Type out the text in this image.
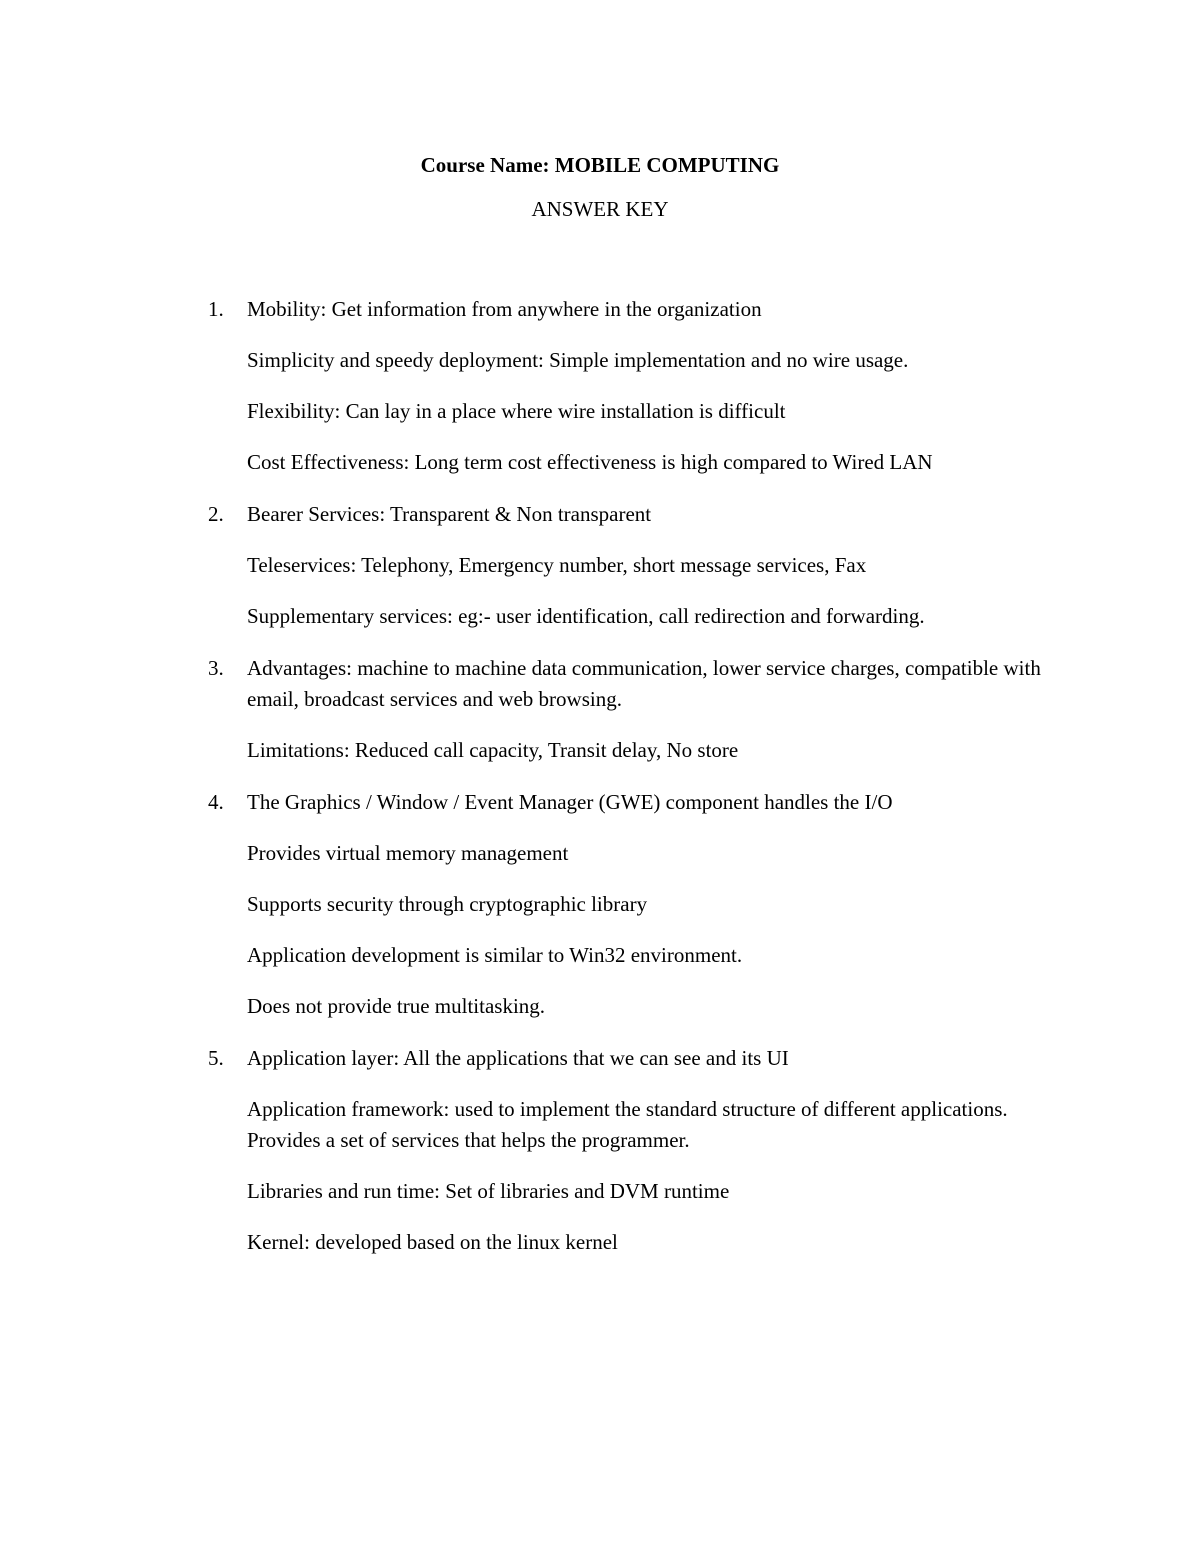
Course Name: MOBILE COMPUTING

ANSWER KEY

1. Mobility: Get information from anywhere in the organization

Simplicity and speedy deployment: Simple implementation and no wire usage.

Flexibility: Can lay in a place where wire installation is difficult

Cost Effectiveness: Long term cost effectiveness is high compared to Wired LAN

2. Bearer Services: Transparent & Non transparent

Teleservices: Telephony, Emergency number, short message services, Fax

Supplementary services: eg:- user identification, call redirection and forwarding.

3. Advantages: machine to machine data communication, lower service charges, compatible with email, broadcast services and web browsing.

Limitations: Reduced call capacity, Transit delay, No store

4. The Graphics / Window / Event Manager (GWE) component handles the I/O

Provides virtual memory management

Supports security through cryptographic library

Application development is similar to Win32 environment.

Does not provide true multitasking.

5. Application layer: All the applications that we can see and its UI

Application framework: used to implement the standard structure of different applications. Provides a set of services that helps the programmer.

Libraries and run time: Set of libraries and DVM runtime

Kernel: developed based on the linux kernel
